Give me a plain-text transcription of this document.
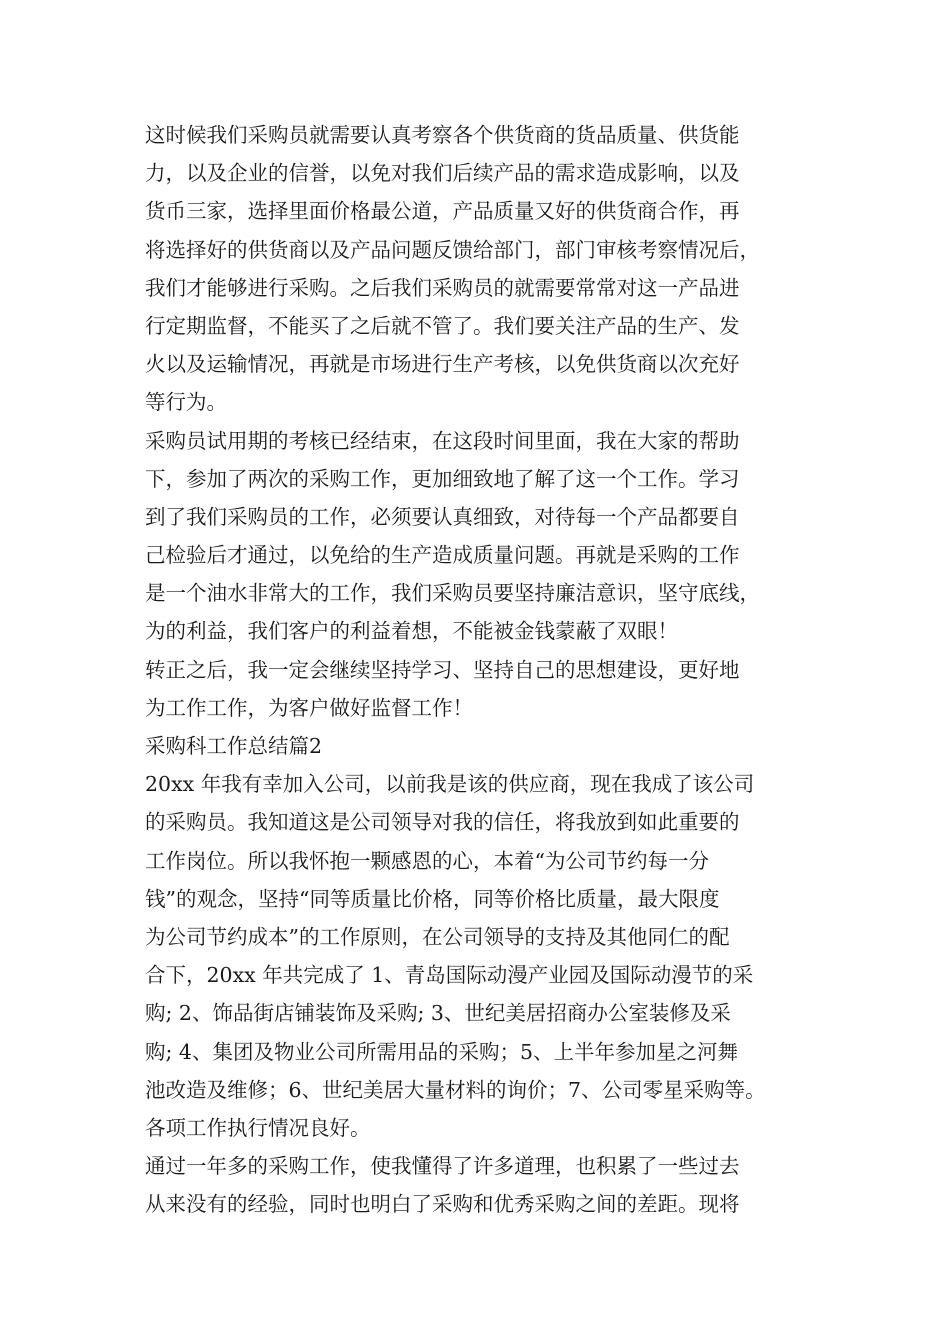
这时候我们采购员就需要认真考察各个供货商的货品质量、供货能
力，以及企业的信誉，以免对我们后续产品的需求造成影响，以及
货币三家，选择里面价格最公道，产品质量又好的供货商合作，再
将选择好的供货商以及产品问题反馈给部门，部门审核考察情况后，
我们才能够进行采购。之后我们采购员的就需要常常对这一产品进
行定期监督，不能买了之后就不管了。我们要关注产品的生产、发
火以及运输情况，再就是市场进行生产考核，以免供货商以次充好
等行为。
采购员试用期的考核已经结束，在这段时间里面，我在大家的帮助
下，参加了两次的采购工作，更加细致地了解了这一个工作。学习
到了我们采购员的工作，必须要认真细致，对待每一个产品都要自
己检验后才通过，以免给的生产造成质量问题。再就是采购的工作
是一个油水非常大的工作，我们采购员要坚持廉洁意识，坚守底线，
为的利益，我们客户的利益着想，不能被金钱蒙蔽了双眼！
转正之后，我一定会继续坚持学习、坚持自己的思想建设，更好地
为工作工作，为客户做好监督工作！
采购科工作总结篇2
20xx 年我有幸加入公司，以前我是该的供应商，现在我成了该公司
的采购员。我知道这是公司领导对我的信任，将我放到如此重要的
工作岗位。所以我怀抱一颗感恩的心，本着“为公司节约每一分
钱”的观念，坚持“同等质量比价格，同等价格比质量，最大限度
为公司节约成本”的工作原则，在公司领导的支持及其他同仁的配
合下，20xx 年共完成了 1、青岛国际动漫产业园及国际动漫节的采
购; 2、饰品街店铺装饰及采购; 3、世纪美居招商办公室装修及采
购; 4、集团及物业公司所需用品的采购；5、上半年参加星之河舞
池改造及维修；6、世纪美居大量材料的询价；7、公司零星采购等。
各项工作执行情况良好。
通过一年多的采购工作，使我懂得了许多道理，也积累了一些过去
从来没有的经验，同时也明白了采购和优秀采购之间的差距。现将
